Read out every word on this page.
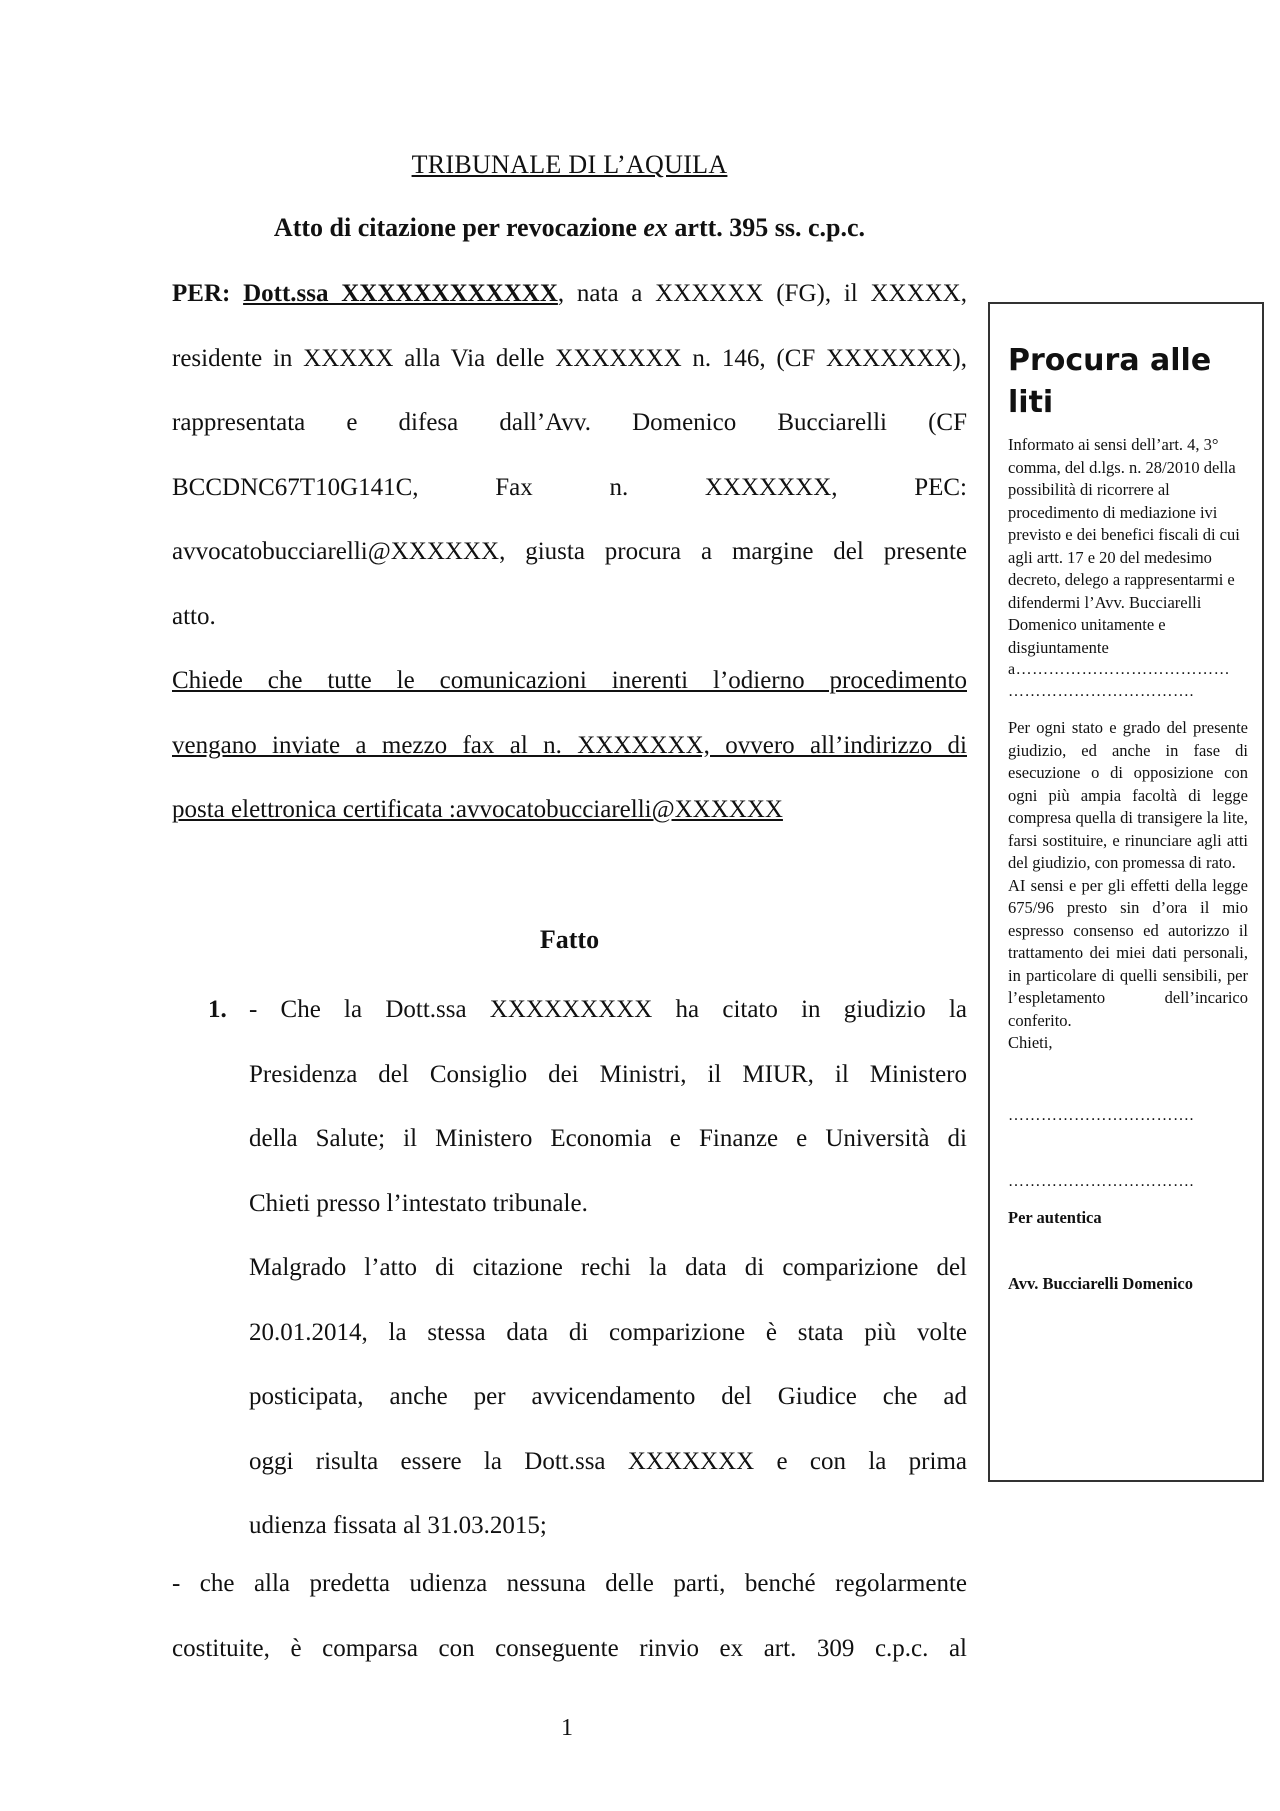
TRIBUNALE DI L’AQUILA
Atto di citazione per revocazione ex artt. 395 ss. c.p.c.
PER: Dott.ssa XXXXXXXXXXXX, nata a XXXXXX (FG), il XXXXX,
residente in XXXXX alla Via delle XXXXXXX n. 146, (CF XXXXXXX),
rappresentata e difesa dall’Avv. Domenico Bucciarelli (CF
BCCDNC67T10G141C, Fax n. XXXXXXX, PEC:
avvocatobucciarelli@XXXXXX, giusta procura a margine del presente
atto.
Chiede che tutte le comunicazioni inerenti l’odierno procedimento
vengano inviate a mezzo fax al n. XXXXXXX, ovvero all’indirizzo di
posta elettronica certificata :avvocatobucciarelli@XXXXXX
Fatto
1. - Che la Dott.ssa XXXXXXXXX ha citato in giudizio la
Presidenza del Consiglio dei Ministri, il MIUR, il Ministero
della Salute; il Ministero Economia e Finanze e Università di
Chieti presso l’intestato tribunale.
Malgrado l’atto di citazione rechi la data di comparizione del
20.01.2014, la stessa data di comparizione è stata più volte
posticipata, anche per avvicendamento del Giudice che ad
oggi risulta essere la Dott.ssa XXXXXXX e con la prima
udienza fissata al 31.03.2015;
- che alla predetta udienza nessuna delle parti, benché regolarmente
costituite, è comparsa con conseguente rinvio ex art. 309 c.p.c. al
1
Procura alle liti

Informato ai sensi dell’art. 4, 3° comma, del d.lgs. n. 28/2010 della possibilità di ricorrere al procedimento di mediazione ivi previsto e dei benefici fiscali di cui agli artt. 17 e 20 del medesimo decreto, delego a rappresentarmi e difendermi l’Avv. Bucciarelli Domenico unitamente e disgiuntamente

a…………………………………
…………………………….

Per ogni stato e grado del presente giudizio, ed anche in fase di esecuzione o di opposizione con ogni più ampia facoltà di legge compresa quella di transigere la lite, farsi sostituire, e rinunciare agli atti del giudizio, con promessa di rato.

AI sensi e per gli effetti della legge 675/96 presto sin d’ora il mio espresso consenso ed autorizzo il trattamento dei miei dati personali, in particolare di quelli sensibili, per l’espletamento dell’incarico conferito.

Chieti,

…………………………….
…………………………….
Per autentica
Avv. Bucciarelli Domenico
